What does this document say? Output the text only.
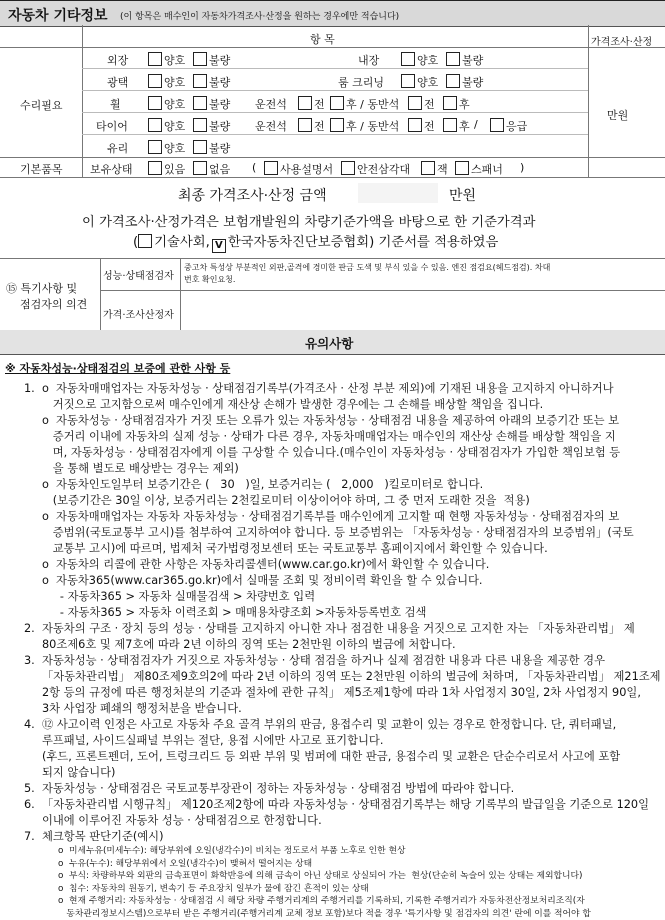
자동차 기타정보 (이 항목은 매수인이 자동차가격조사·산정을 원하는 경우에만 적습니다)
항 목	가격조사·산정
수리필요
만원
외장	양호	불량	내장	양호	불량
광택	양호	불량	룸 크리닝	양호	불량
휠	양호	불량 운전석	전	후 / 동반석	전	후
타이어	양호	불량 운전석	전	후 / 동반석	전	후 /	응급
유리	양호	불량
기본품목 보유상태	있음	없음 (	사용설명서	안전삼각대	잭	스패너 )
최종 가격조사·산정 금액	만원
이 가격조사·산정가격은 보험개발원의 차량기준가액을 바탕으로 한 기준가격과
( 기술사회, V 한국자동차진단보증협회) 기준서를 적용하였음
⑮ 특기사항 및
점검자의 의견
성능·상태점검자
중고차 특성상 부분적인 외판,골격에 경미한 판금 도색 및 부식 있을 수 있음. 엔진 점검요(헤드점검). 차대
번호 확인요청.
가격·조사산정자
유의사항
※ 자동차성능·상태점검의 보증에 관한 사항 등
1.  o  자동차매매업자는 자동차성능 · 상태점검기록부(가격조사 · 산정 부분 제외)에 기재된 내용을 고지하지 아니하거나
거짓으로 고지함으로써 매수인에게 재산상 손해가 발생한 경우에는 그 손해를 배상할 책임을 집니다.
o  자동차성능 · 상태점검자가 거짓 또는 오류가 있는 자동차성능 · 상태점검 내용을 제공하여 아래의 보증기간 또는 보
증거리 이내에 자동차의 실제 성능 · 상태가 다른 경우, 자동차매매업자는 매수인의 재산상 손해를 배상할 책임을 지
며, 자동차성능 · 상태점검자에게 이를 구상할 수 있습니다.(매수인이 자동차성능 · 상태점검자가 가입한 책임보험 등
을 통해 별도로 배상받는 경우는 제외)
o  자동차인도일부터 보증기간은 (   30   )일, 보증거리는 (   2,000   )킬로미터로 합니다.
(보증기간은 30일 이상, 보증거리는 2천킬로미터 이상이어야 하며, 그 중 먼저 도래한 것을  적용)
o  자동차매매업자는 자동차 자동차성능 · 상태점검기록부를 매수인에게 고지할 때 현행 자동차성능 · 상태점검자의 보
증범위(국토교통부 고시)를 첨부하여 고지하여야 합니다. 등 보증범위는 「자동차성능 · 상태점검자의 보증범위」(국토
교통부 고시)에 따르며, 법제처 국가법령정보센터 또는 국토교통부 홈페이지에서 확인할 수 있습니다.
o  자동차의 리콜에 관한 사항은 자동차리콜센터(www.car.go.kr)에서 확인할 수 있습니다.
o  자동차365(www.car365.go.kr)에서 실매물 조회 및 정비이력 확인을 할 수 있습니다.
- 자동차365 > 자동차 실매물검색 > 차량번호 입력
- 자동차365 > 자동차 이력조회 > 매매용차량조회 >자동차등록번호 검색
2.  자동차의 구조 · 장치 등의 성능 · 상태를 고지하지 아니한 자나 점검한 내용을 거짓으로 고지한 자는 「자동차관리법」 제
80조제6호 및 제7호에 따라 2년 이하의 징역 또는 2천만원 이하의 벌금에 처합니다.
3.  자동차성능 · 상태점검자가 거짓으로 자동차성능 · 상태 점검을 하거나 실제 점검한 내용과 다른 내용을 제공한 경우
「자동차관리법」 제80조제9호의2에 따라 2년 이하의 징역 또는 2천만원 이하의 벌금에 처하며, 「자동차관리법」 제21조제
2항 등의 규정에 따른 행정처분의 기준과 절차에 관한 규칙」 제5조제1항에 따라 1차 사업정지 30일, 2차 사업정지 90일,
3차 사업장 폐쇄의 행정처분을 받습니다.
4.  ⑫ 사고이력 인정은 사고로 자동차 주요 골격 부위의 판금, 용접수리 및 교환이 있는 경우로 한정합니다. 단, 쿼터패널,
루프패널, 사이드실패널 부위는 절단, 용접 시에만 사고로 표기합니다.
(후드, 프론트펜더, 도어, 트렁크리드 등 외판 부위 및 범퍼에 대한 판금, 용접수리 및 교환은 단순수리로서 사고에 포함
되지 않습니다)
5.  자동차성능 · 상태점검은 국토교통부장관이 정하는 자동차성능 · 상태점검 방법에 따라야 합니다.
6.  「자동차관리법 시행규칙」 제120조제2항에 따라 자동차성능 · 상태점검기록부는 해당 기록부의 발급일을 기준으로 120일
이내에 이루어진 자동차 성능 · 상태점검으로 한정합니다.
7.  체크항목 판단기준(예시)
o  미세누유(미세누수): 해당부위에 오일(냉각수)이 비치는 정도로서 부품 노후로 인한 현상
o  누유(누수): 해당부위에서 오일(냉각수)이 맺혀서 떨어지는 상태
o  부식: 차량하부와 외판의 금속표면이 화학반응에 의해 금속이 아닌 상태로 상실되어 가는  현상(단순히 녹슬어 있는 상태는 제외합니다)
o  침수: 자동차의 원동기, 변속기 등 주요장치 일부가 물에 잠긴 흔적이 있는 상태
o  현재 주행거리: 자동차성능 · 상태점검 시 해당 차량 주행거리계의 주행거리를 기록하되, 기록한 주행거리가 자동차전산정보처리조직(자
동차관리정보시스템)으로부터 받은 주행거리(주행거리계 교체 정보 포함)보다 적을 경우 '특기사항 및 점검자의 의견' 란에 이를 적어야 합
